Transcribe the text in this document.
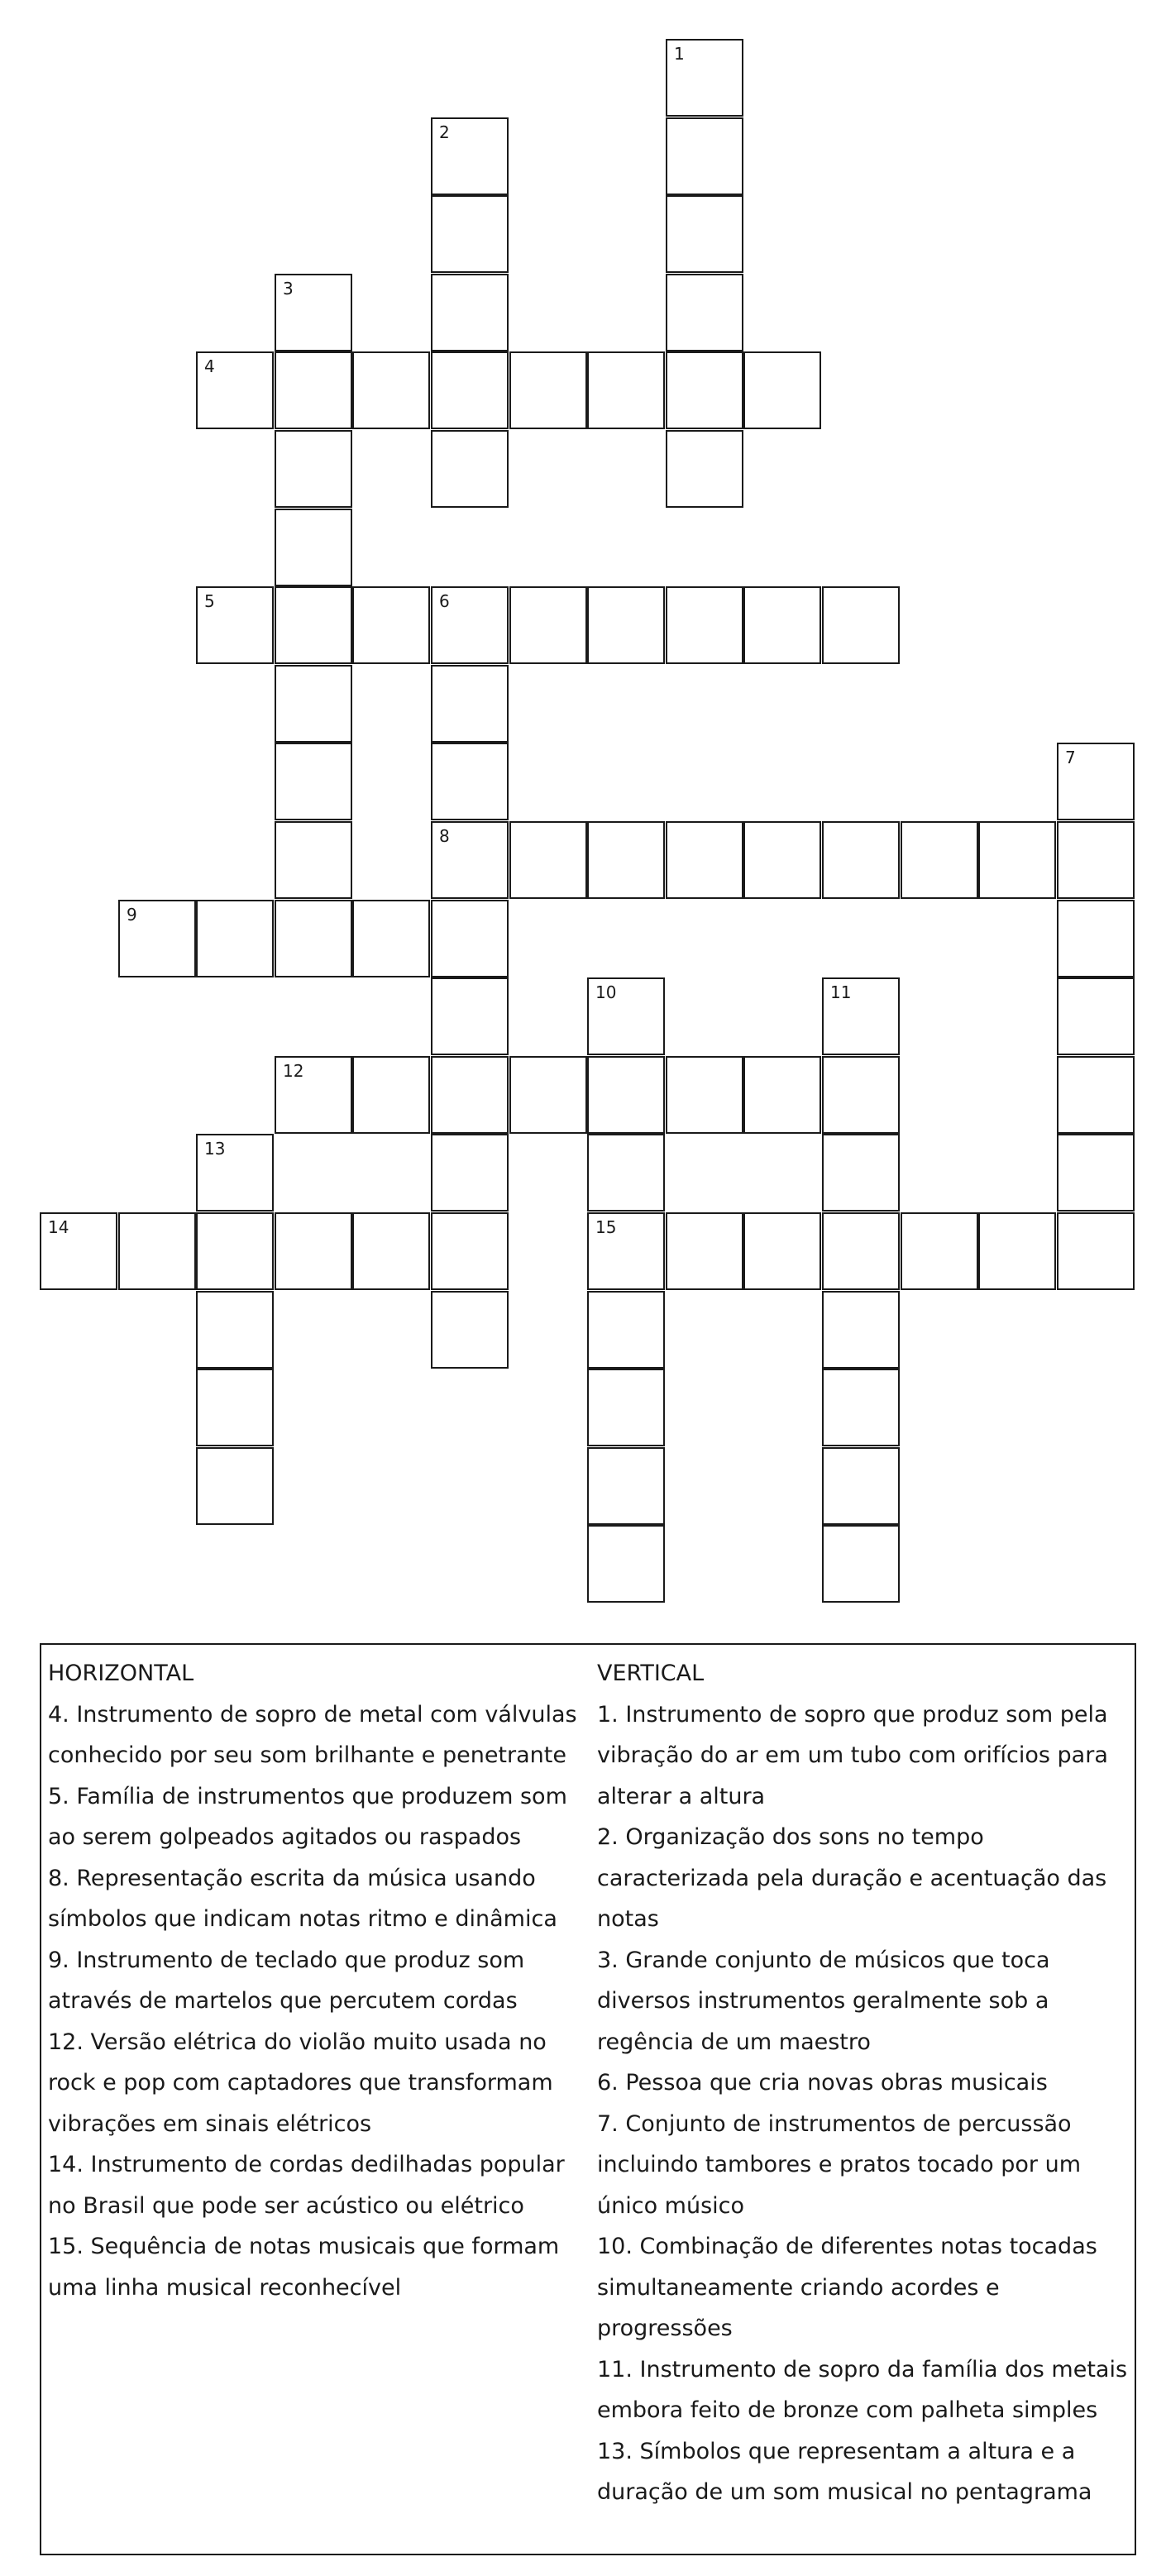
1
2
3
4
5	6
8
7
9
10
15
11
12
13
14
HORIZONTAL
4. Instrumento de sopro de metal com válvulas
conhecido por seu som brilhante e penetrante
5. Família de instrumentos que produzem som
ao serem golpeados agitados ou raspados
8. Representação escrita da música usando
símbolos que indicam notas ritmo e dinâmica
9. Instrumento de teclado que produz som
através de martelos que percutem cordas
12. Versão elétrica do violão muito usada no
rock e pop com captadores que transformam
vibrações em sinais elétricos
14. Instrumento de cordas dedilhadas popular
no Brasil que pode ser acústico ou elétrico
15. Sequência de notas musicais que formam
uma linha musical reconhecível
VERTICAL
1. Instrumento de sopro que produz som pela
vibração do ar em um tubo com orifícios para
alterar a altura
2. Organização dos sons no tempo
caracterizada pela duração e acentuação das
notas
3. Grande conjunto de músicos que toca
diversos instrumentos geralmente sob a
regência de um maestro
6. Pessoa que cria novas obras musicais
7. Conjunto de instrumentos de percussão
incluindo tambores e pratos tocado por um
único músico
10. Combinação de diferentes notas tocadas
simultaneamente criando acordes e
progressões
11. Instrumento de sopro da família dos metais
embora feito de bronze com palheta simples
13. Símbolos que representam a altura e a
duração de um som musical no pentagrama
